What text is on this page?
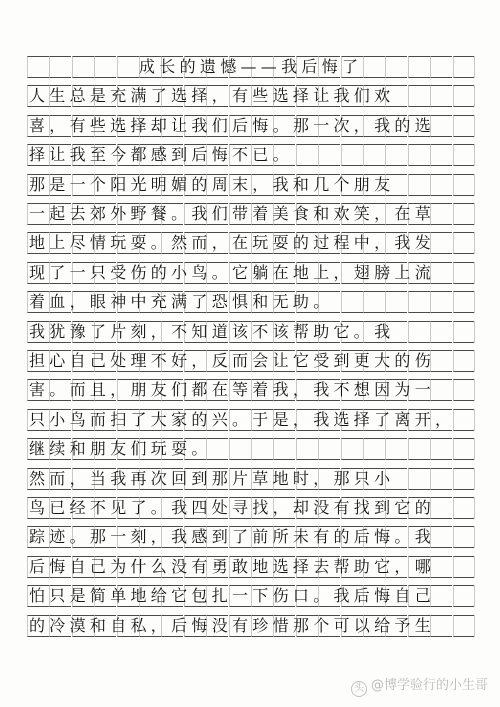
成长的遗憾——我后悔了
人生总是充满了选择，有些选择让我们欢
喜，有些选择却让我们后悔。那一次，我的选
择让我至今都感到后悔不已。
那是一个阳光明媚的周末，我和几个朋友
一起去郊外野餐。我们带着美食和欢笑，在草
地上尽情玩耍。然而，在玩耍的过程中，我发
现了一只受伤的小鸟。它躺在地上，翅膀上流
着血，眼神中充满了恐惧和无助。
我犹豫了片刻，不知道该不该帮助它。我
担心自己处理不好，反而会让它受到更大的伤
害。而且，朋友们都在等着我，我不想因为一
只小鸟而扫了大家的兴。于是，我选择了离开，
继续和朋友们玩耍。
然而，当我再次回到那片草地时，那只小
鸟已经不见了。我四处寻找，却没有找到它的
踪迹。那一刻，我感到了前所未有的后悔。我
后悔自己为什么没有勇敢地选择去帮助它，哪
怕只是简单地给它包扎一下伤口。我后悔自己
的冷漠和自私，后悔没有珍惜那个可以给予生
头 @博学验行的小生哥
